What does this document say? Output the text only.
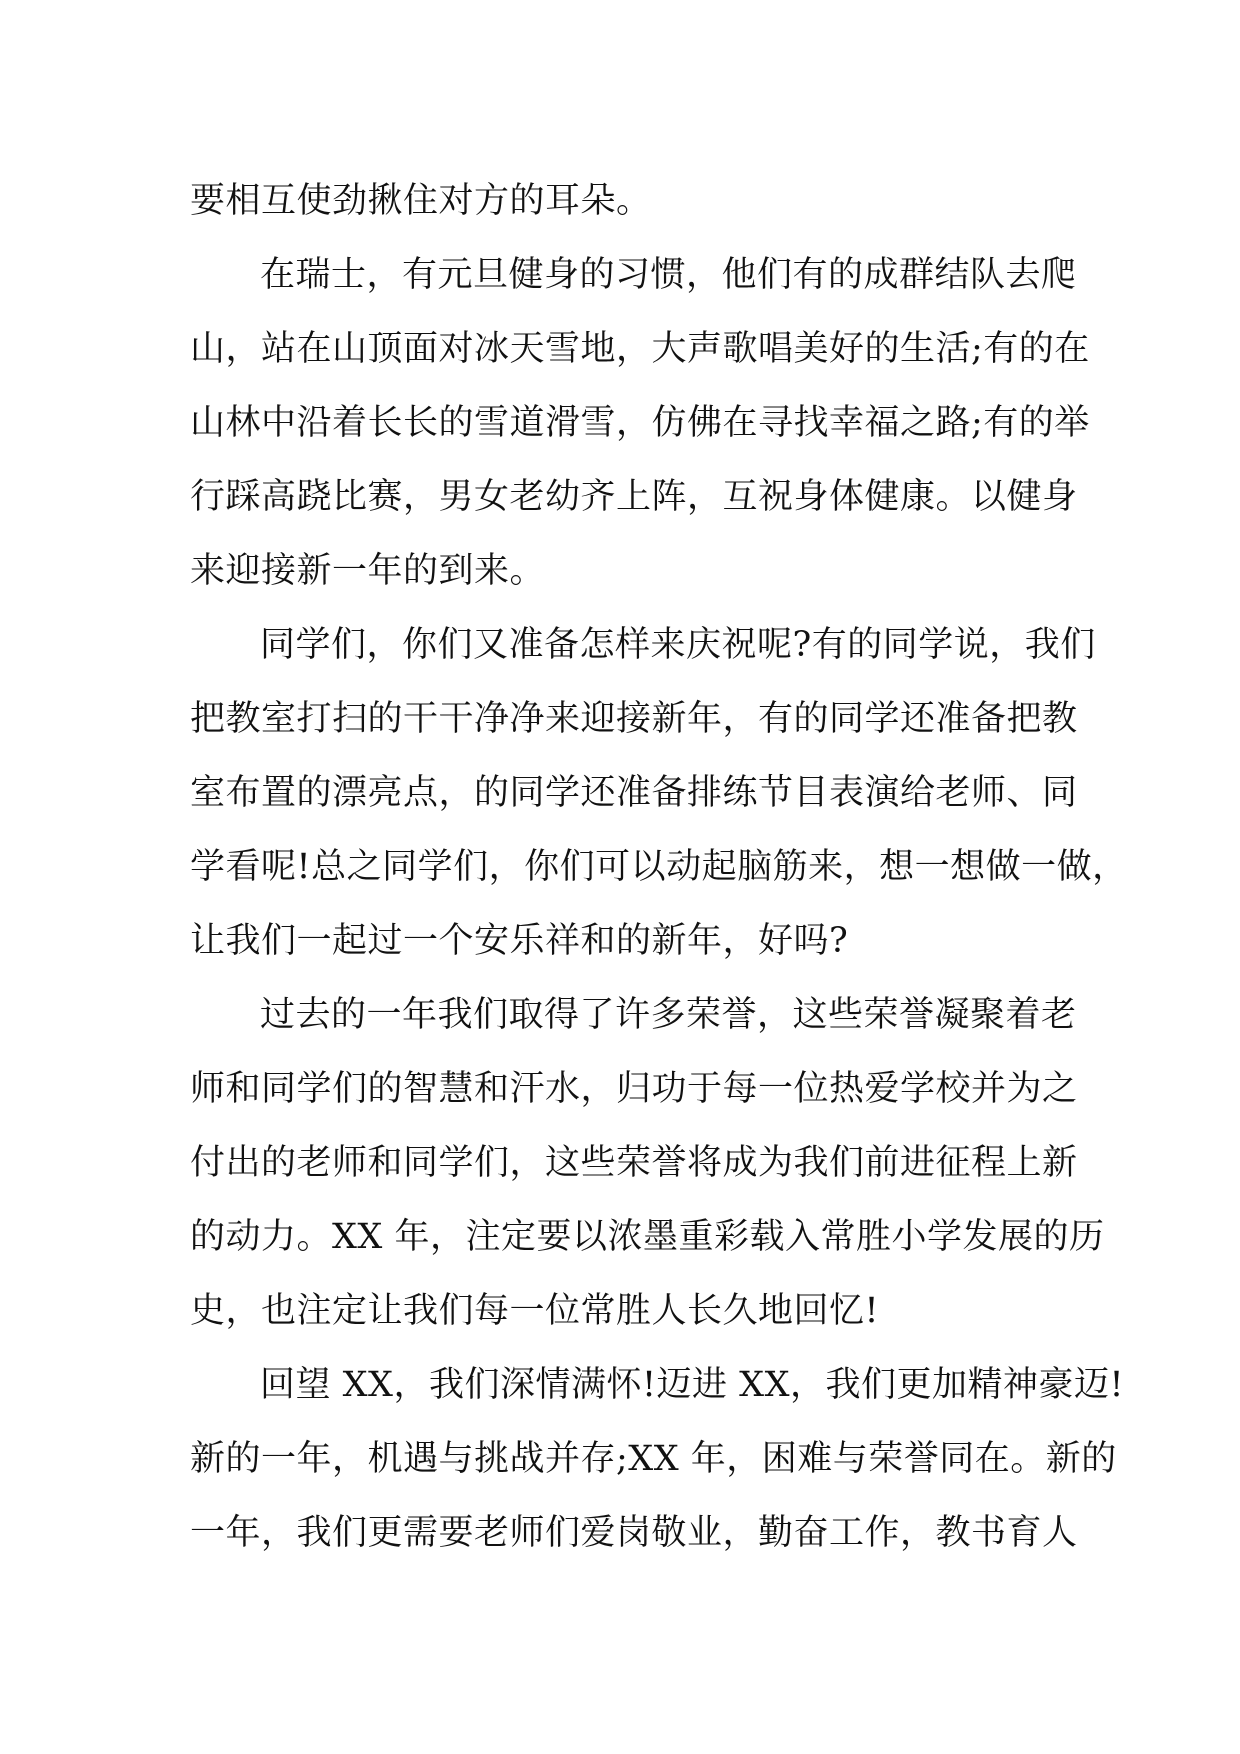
要相互使劲揪住对方的耳朵。
在瑞士，有元旦健身的习惯，他们有的成群结队去爬
山，站在山顶面对冰天雪地，大声歌唱美好的生活;有的在
山林中沿着长长的雪道滑雪，仿佛在寻找幸福之路;有的举
行踩高跷比赛，男女老幼齐上阵，互祝身体健康。以健身
来迎接新一年的到来。
同学们，你们又准备怎样来庆祝呢?有的同学说，我们
把教室打扫的干干净净来迎接新年，有的同学还准备把教
室布置的漂亮点，的同学还准备排练节目表演给老师、同
学看呢!总之同学们，你们可以动起脑筋来，想一想做一做，
让我们一起过一个安乐祥和的新年，好吗?
过去的一年我们取得了许多荣誉，这些荣誉凝聚着老
师和同学们的智慧和汗水，归功于每一位热爱学校并为之
付出的老师和同学们，这些荣誉将成为我们前进征程上新
的动力。XX 年，注定要以浓墨重彩载入常胜小学发展的历
史，也注定让我们每一位常胜人长久地回忆!
回望 XX，我们深情满怀!迈进 XX，我们更加精神豪迈!
新的一年，机遇与挑战并存;XX 年，困难与荣誉同在。新的
一年，我们更需要老师们爱岗敬业，勤奋工作，教书育人
